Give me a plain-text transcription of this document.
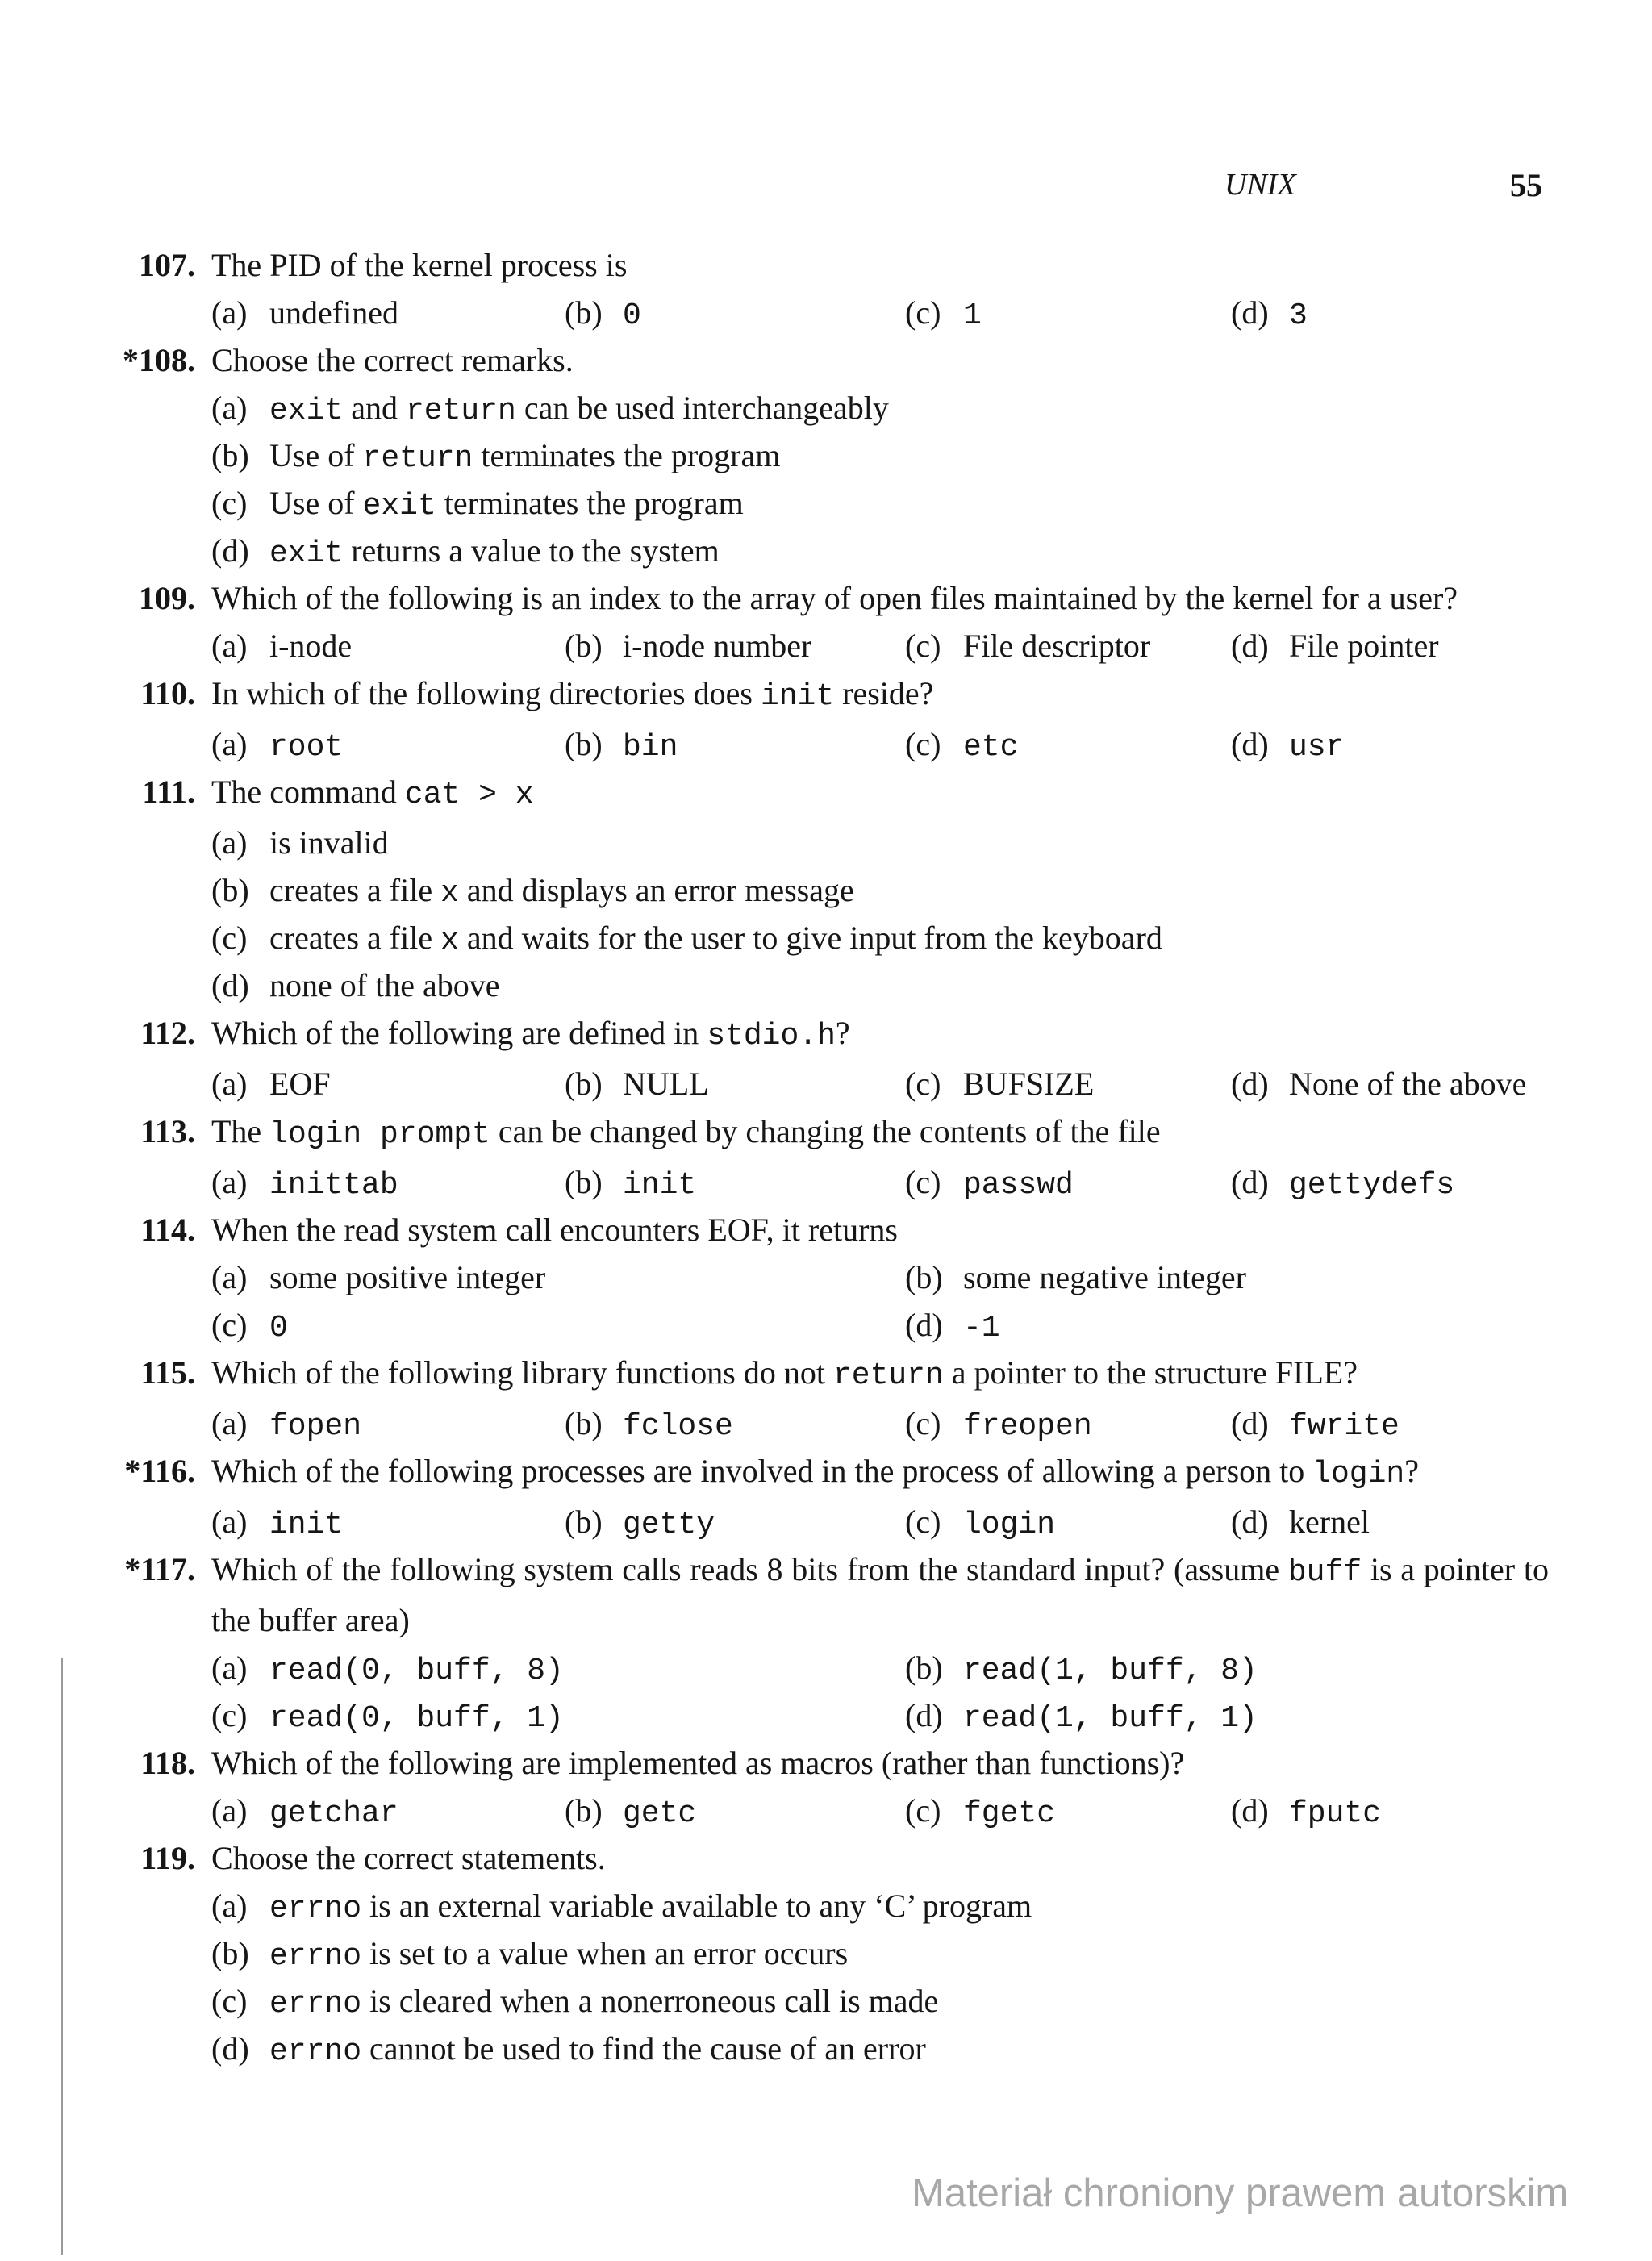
UNIX	55
107. The PID of the kernel process is
(a) undefined	(b) 0	(c) 1	(d) 3
*108. Choose the correct remarks.
(a) exit and return can be used interchangeably
(b) Use of return terminates the program
(c) Use of exit terminates the program
(d) exit returns a value to the system
109. Which of the following is an index to the array of open files maintained by the kernel for a user?
(a) i-node	(b) i-node number	(c) File descriptor (d) File pointer
110. In which of the following directories does init reside?
(a) root	(b) bin	(c) etc	(d) usr
111. The command cat > x
(a) is invalid
(b) creates a file x and displays an error message
(c) creates a file x and waits for the user to give input from the keyboard
(d) none of the above
112. Which of the following are defined in stdio.h?
(a) EOF	(b) NULL	(c) BUFSIZE	(d) None of the above
113. The login prompt can be changed by changing the contents of the file
(a) inittab	(b) init	(c) passwd	(d) gettydefs
114. When the read system call encounters EOF, it returns
(a) some positive integer	(b) some negative integer
(c) 0	(d) -1
115. Which of the following library functions do not return a pointer to the structure FILE?
(a) fopen	(b) fclose	(c) freopen	(d) fwrite
*116. Which of the following processes are involved in the process of allowing a person to login?
(a) init	(b) getty	(c) login	(d) kernel
*117. Which of the following system calls reads 8 bits from the standard input? (assume buff is a pointer to the buffer area)
(a) read(0, buff, 8)	(b) read(1, buff, 8)
(c) read(0, buff, 1)	(d) read(1, buff, 1)
118. Which of the following are implemented as macros (rather than functions)?
(a) getchar	(b) getc	(c) fgetc	(d) fputc
119. Choose the correct statements.
(a) errno is an external variable available to any ‘C’ program
(b) errno is set to a value when an error occurs
(c) errno is cleared when a nonerroneous call is made
(d) errno cannot be used to find the cause of an error
Materiał chroniony prawem autorskim
